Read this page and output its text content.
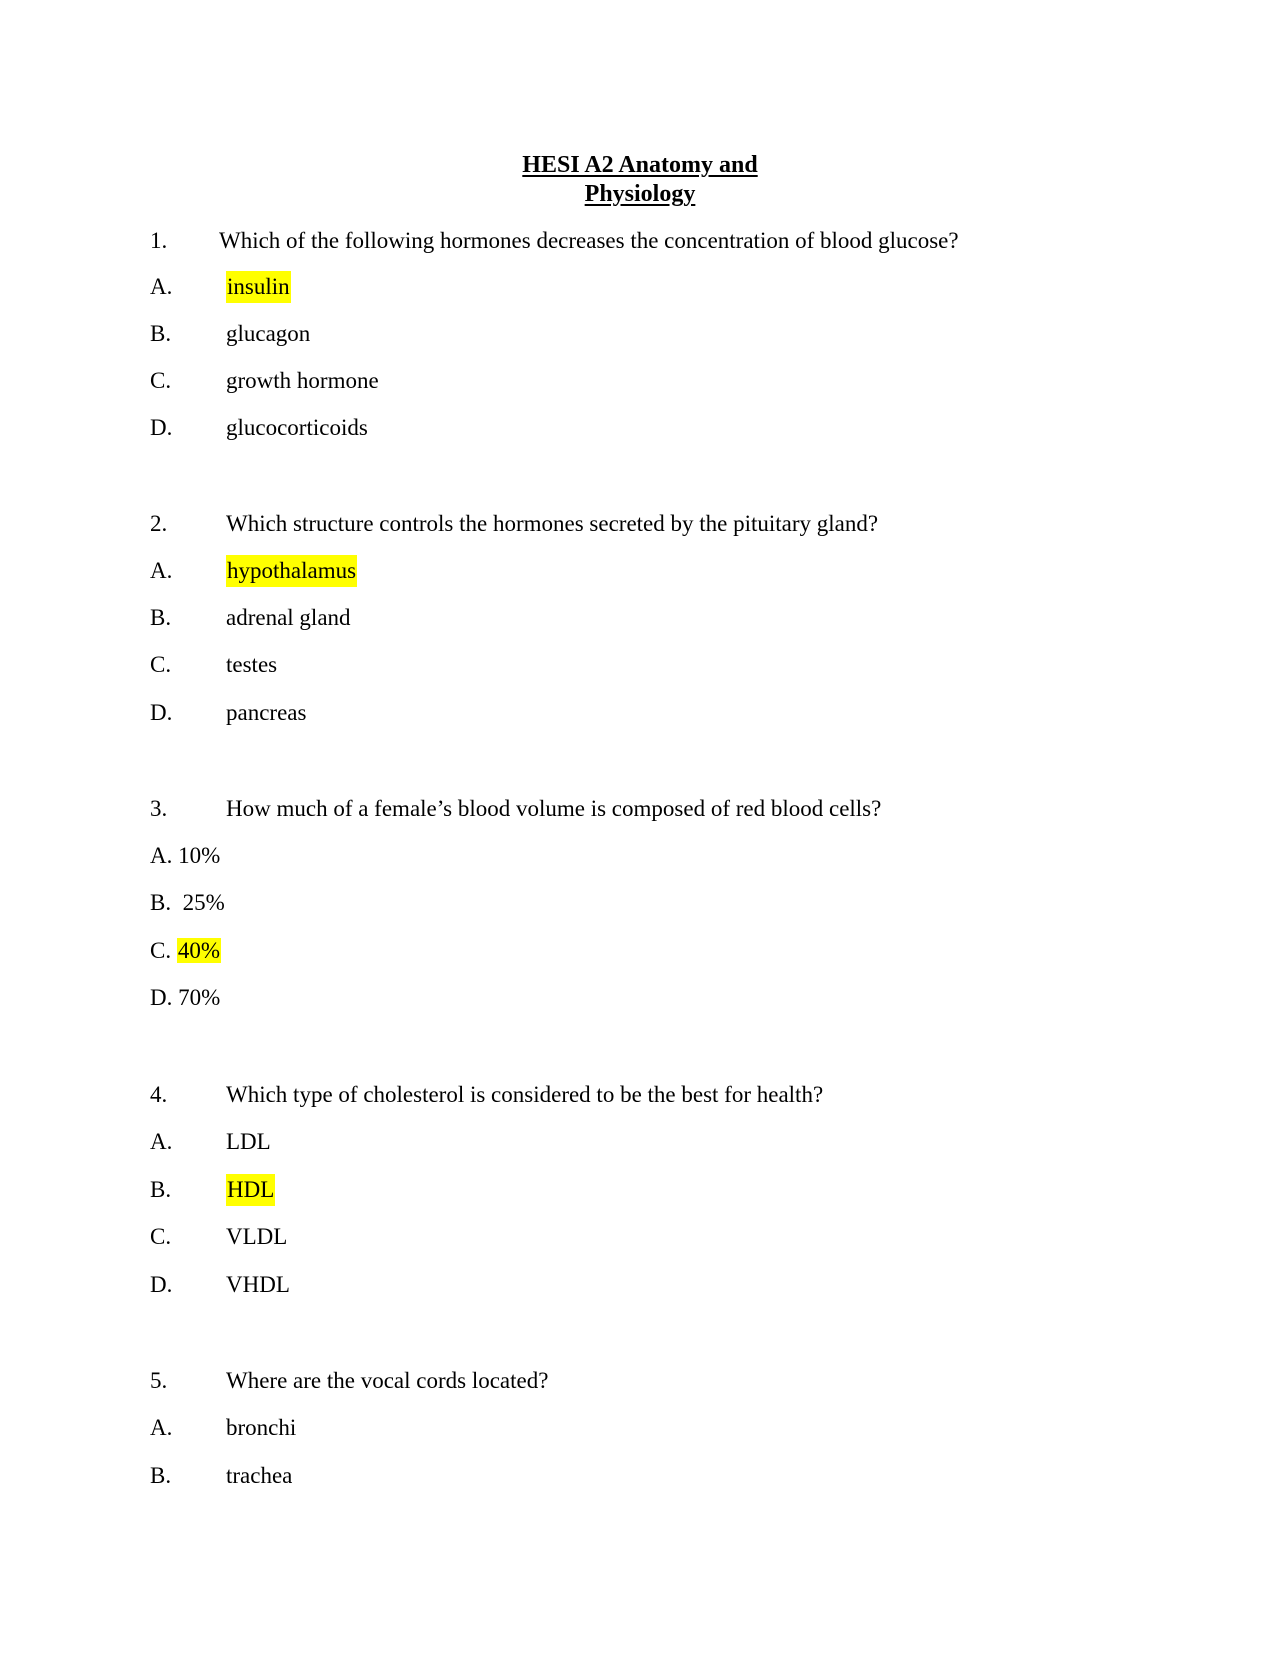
HESI A2 Anatomy and
Physiology
1. Which of the following hormones decreases the concentration of blood glucose?
A. insulin
B. glucagon
C. growth hormone
D. glucocorticoids
2.	Which structure controls the hormones secreted by the pituitary gland?
A. hypothalamus
B. adrenal gland
C. testes
D. pancreas
3.	How much of a female’s blood volume is composed of red blood cells?
A. 10%
B. 25%
C. 40%
D. 70%
4.	Which type of cholesterol is considered to be the best for health?
A. LDL
B. HDL
C. VLDL
D. VHDL
5.	Where are the vocal cords located?
A. bronchi
B. trachea
